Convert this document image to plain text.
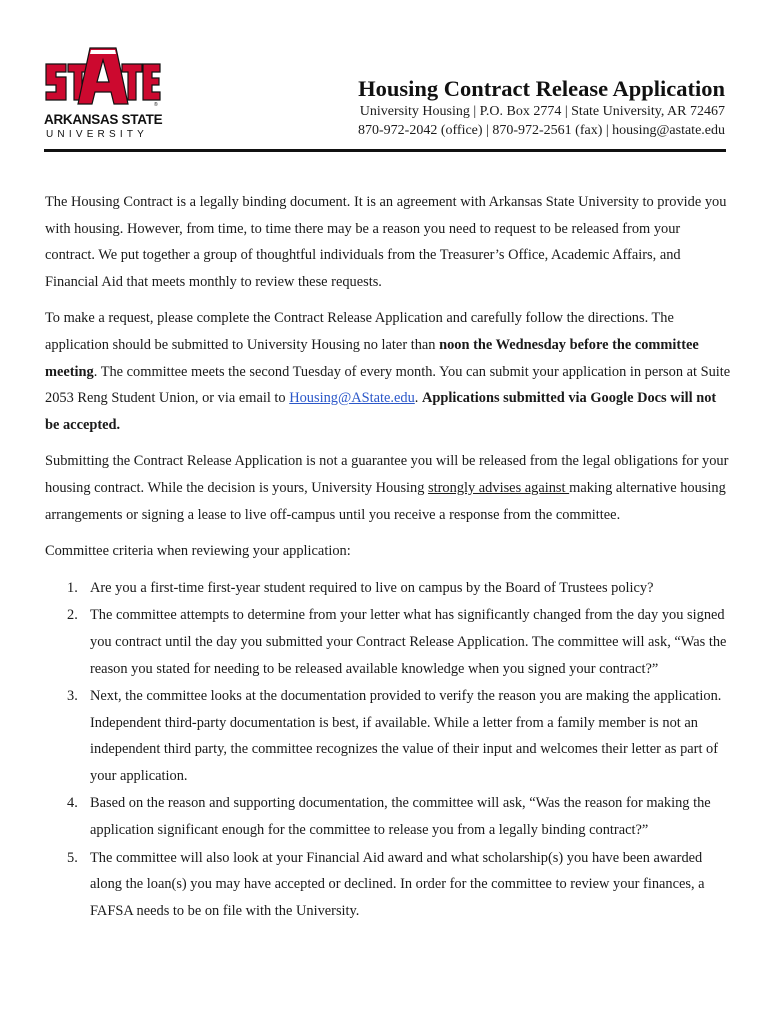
®
ARKANSAS STATE
UNIVERSITY
Housing Contract Release Application
University Housing | P.O. Box 2774 | State University, AR 72467
870-972-2042 (office) | 870-972-2561 (fax) | housing@astate.edu

The Housing Contract is a legally binding document. It is an agreement with Arkansas State University to provide you with housing. However, from time, to time there may be a reason you need to request to be released from your contract. We put together a group of thoughtful individuals from the Treasurer’s Office, Academic Affairs, and Financial Aid that meets monthly to review these requests.

To make a request, please complete the Contract Release Application and carefully follow the directions. The application should be submitted to University Housing no later than noon the Wednesday before the committee meeting. The committee meets the second Tuesday of every month. You can submit your application in person at Suite 2053 Reng Student Union, or via email to Housing@AState.edu. Applications submitted via Google Docs will not be accepted.

Submitting the Contract Release Application is not a guarantee you will be released from the legal obligations for your housing contract. While the decision is yours, University Housing strongly advises against making alternative housing arrangements or signing a lease to live off-campus until you receive a response from the committee.

Committee criteria when reviewing your application:

1. Are you a first-time first-year student required to live on campus by the Board of Trustees policy?
2. The committee attempts to determine from your letter what has significantly changed from the day you signed you contract until the day you submitted your Contract Release Application. The committee will ask, “Was the reason you stated for needing to be released available knowledge when you signed your contract?”
3. Next, the committee looks at the documentation provided to verify the reason you are making the application. Independent third-party documentation is best, if available. While a letter from a family member is not an independent third party, the committee recognizes the value of their input and welcomes their letter as part of your application.
4. Based on the reason and supporting documentation, the committee will ask, “Was the reason for making the application significant enough for the committee to release you from a legally binding contract?”
5. The committee will also look at your Financial Aid award and what scholarship(s) you have been awarded along the loan(s) you may have accepted or declined. In order for the committee to review your finances, a FAFSA needs to be on file with the University.
